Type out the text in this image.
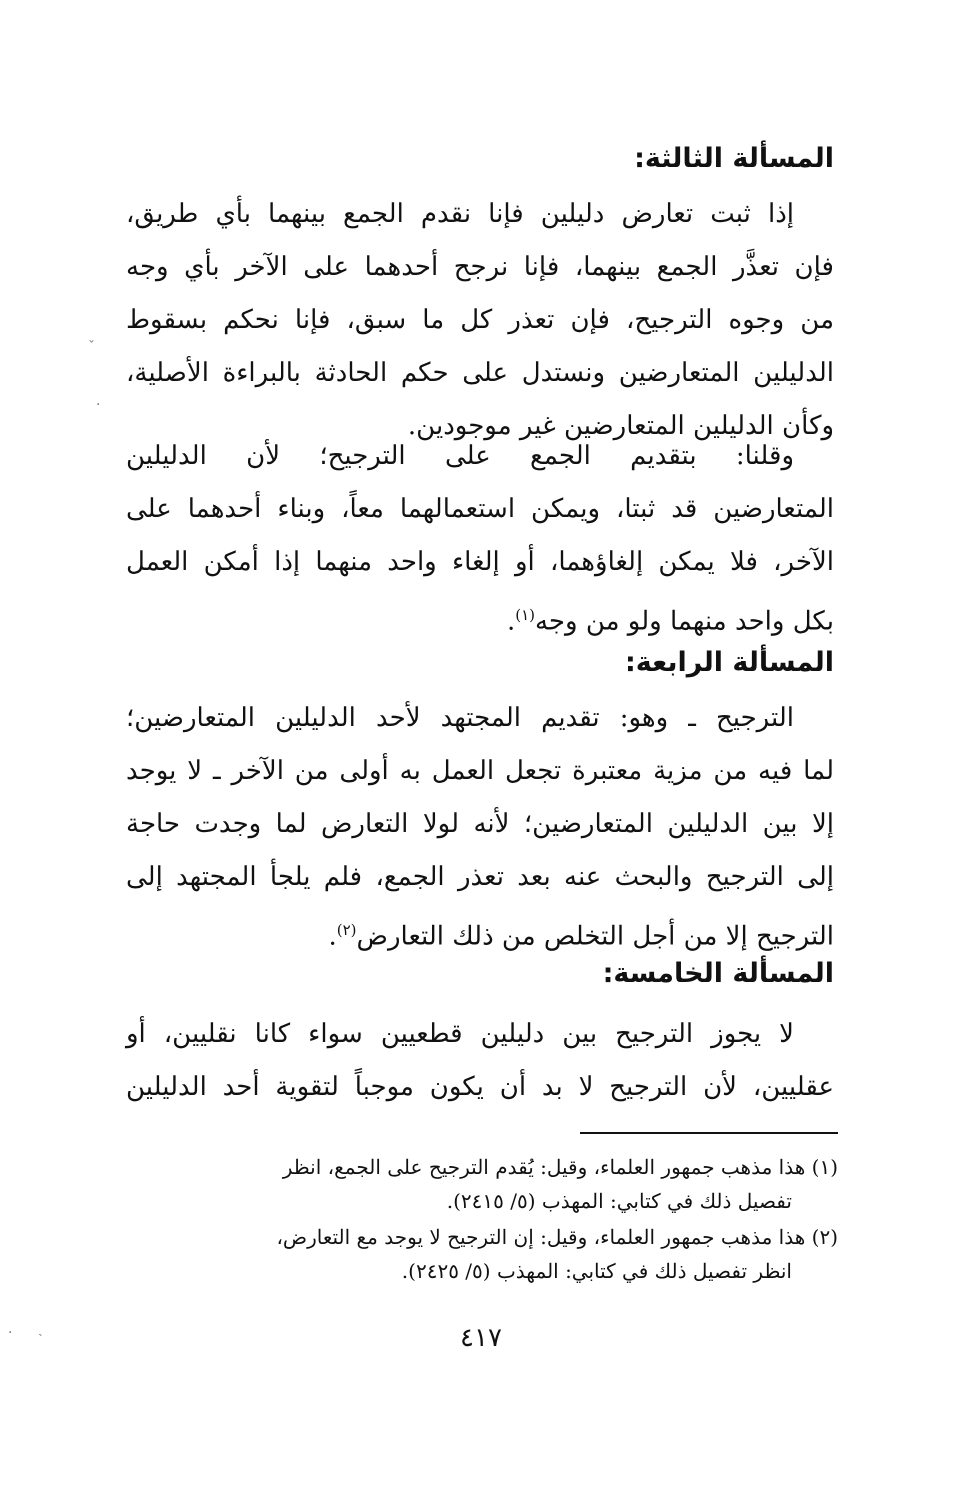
المسألة الثالثة:
إذا ثبت تعارض دليلين فإنا نقدم الجمع بينهما بأي طريق،
فإن تعذَّر الجمع بينهما، فإنا نرجح أحدهما على الآخر بأي وجه
من وجوه الترجيح، فإن تعذر كل ما سبق، فإنا نحكم بسقوط
الدليلين المتعارضين ونستدل على حكم الحادثة بالبراءة الأصلية،
وكأن الدليلين المتعارضين غير موجودين.
وقلنا: بتقديم الجمع على الترجيح؛ لأن الدليلين
المتعارضين قد ثبتا، ويمكن استعمالهما معاً، وبناء أحدهما على
الآخر، فلا يمكن إلغاؤهما، أو إلغاء واحد منهما إذا أمكن العمل
بكل واحد منهما ولو من وجه$^{(١)}$.
المسألة الرابعة:
الترجيح ـ وهو: تقديم المجتهد لأحد الدليلين المتعارضين؛
لما فيه من مزية معتبرة تجعل العمل به أولى من الآخر ـ لا يوجد
إلا بين الدليلين المتعارضين؛ لأنه لولا التعارض لما وجدت حاجة
إلى الترجيح والبحث عنه بعد تعذر الجمع، فلم يلجأ المجتهد إلى
الترجيح إلا من أجل التخلص من ذلك التعارض$^{(٢)}$.
المسألة الخامسة:
لا يجوز الترجيح بين دليلين قطعيين سواء كانا نقليين، أو
عقليين، لأن الترجيح لا بد أن يكون موجباً لتقوية أحد الدليلين
(١) هذا مذهب جمهور العلماء، وقيل: يُقدم الترجيح على الجمع، انظر
تفصيل ذلك في كتابي: المهذب (٥/ ٢٤١٥).
(٢) هذا مذهب جمهور العلماء، وقيل: إن الترجيح لا يوجد مع التعارض،
انظر تفصيل ذلك في كتابي: المهذب (٥/ ٢٤٢٥).
٤١٧
ˇ
·
· ˎ
